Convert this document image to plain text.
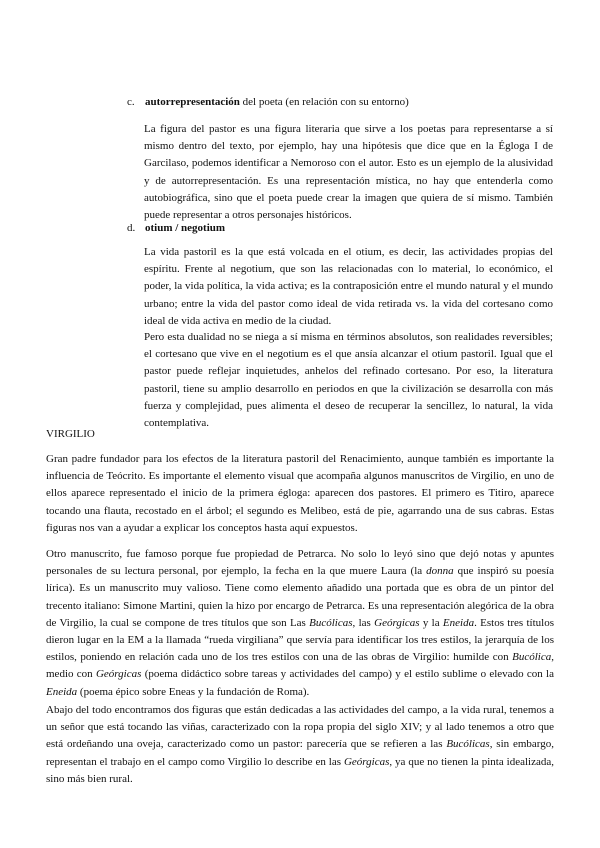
c. autorrepresentación del poeta (en relación con su entorno)

La figura del pastor es una figura literaria que sirve a los poetas para representarse a sí mismo dentro del texto, por ejemplo, hay una hipótesis que dice que en la Égloga I de Garcilaso, podemos identificar a Nemoroso con el autor. Esto es un ejemplo de la alusividad y de autorrepresentación. Es una representación mística, no hay que entenderla como autobiográfica, sino que el poeta puede crear la imagen que quiera de sí mismo. También puede representar a otros personajes históricos.

d. otium / negotium

La vida pastoril es la que está volcada en el otium, es decir, las actividades propias del espíritu. Frente al negotium, que son las relacionadas con lo material, lo económico, el poder, la vida política, la vida activa; es la contraposición entre el mundo natural y el mundo urbano; entre la vida del pastor como ideal de vida retirada vs. la vida del cortesano como ideal de vida activa en medio de la ciudad.

Pero esta dualidad no se niega a sí misma en términos absolutos, son realidades reversibles; el cortesano que vive en el negotium es el que ansía alcanzar el otium pastoril. Igual que el pastor puede reflejar inquietudes, anhelos del refinado cortesano. Por eso, la literatura pastoril, tiene su amplio desarrollo en periodos en que la civilización se desarrolla con más fuerza y complejidad, pues alimenta el deseo de recuperar la sencillez, lo natural, la vida contemplativa.

VIRGILIO

Gran padre fundador para los efectos de la literatura pastoril del Renacimiento, aunque también es importante la influencia de Teócrito. Es importante el elemento visual que acompaña algunos manuscritos de Virgilio, en uno de ellos aparece representado el inicio de la primera égloga: aparecen dos pastores. El primero es Titiro, aparece tocando una flauta, recostado en el árbol; el segundo es Melibeo, está de pie, agarrando una de sus cabras. Estas figuras nos van a ayudar a explicar los conceptos hasta aquí expuestos.

Otro manuscrito, fue famoso porque fue propiedad de Petrarca. No solo lo leyó sino que dejó notas y apuntes personales de su lectura personal, por ejemplo, la fecha en la que muere Laura (la donna que inspiró su poesía lírica). Es un manuscrito muy valioso. Tiene como elemento añadido una portada que es obra de un pintor del trecento italiano: Simone Martini, quien la hizo por encargo de Petrarca. Es una representación alegórica de la obra de Virgilio, la cual se compone de tres títulos que son Las Bucólicas, las Geórgicas y la Eneida. Estos tres títulos dieron lugar en la EM a la llamada “rueda virgiliana” que servía para identificar los tres estilos, la jerarquía de los estilos, poniendo en relación cada uno de los tres estilos con una de las obras de Virgilio: humilde con Bucólica, medio con Geórgicas (poema didáctico sobre tareas y actividades del campo) y el estilo sublime o elevado con la Eneida (poema épico sobre Eneas y la fundación de Roma).

Abajo del todo encontramos dos figuras que están dedicadas a las actividades del campo, a la vida rural, tenemos a un señor que está tocando las viñas, caracterizado con la ropa propia del siglo XIV; y al lado tenemos a otro que está ordeñando una oveja, caracterizado como un pastor: parecería que se refieren a las Bucólicas, sin embargo, representan el trabajo en el campo como Virgilio lo describe en las Geórgicas, ya que no tienen la pinta idealizada, sino más bien rural.
